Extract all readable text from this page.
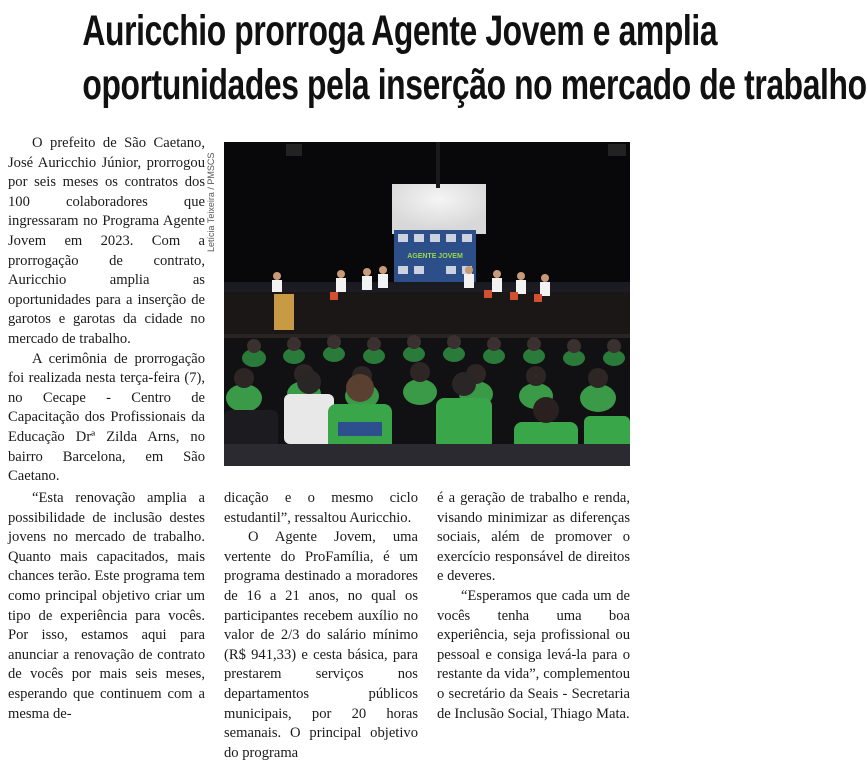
Auricchio prorroga Agente Jovem e amplia
oportunidades pela inserção no mercado de trabalho

O prefeito de São Caetano, José Auricchio Júnior, prorrogou por seis meses os contratos dos 100 colaboradores que ingressaram no Programa Agente Jovem em 2023. Com a prorrogação de contrato, Auricchio amplia as oportunidades para a inserção de garotos e garotas da cidade no mercado de trabalho.

A cerimônia de prorrogação foi realizada nesta terça-feira (7), no Cecape - Centro de Capacitação dos Profissionais da Educação Drª Zilda Arns, no bairro Barcelona, em São Caetano.

“Esta renovação amplia a possibilidade de inclusão destes jovens no mercado de trabalho. Quanto mais capacitados, mais chances terão. Este programa tem como principal objetivo criar um tipo de experiência para vocês. Por isso, estamos aqui para anunciar a renovação de contrato de vocês por mais seis meses, esperando que continuem com a mesma de-

dicação e o mesmo ciclo estudantil”, ressaltou Auricchio.

O Agente Jovem, uma vertente do ProFamília, é um programa destinado a moradores de 16 a 21 anos, no qual os participantes recebem auxílio no valor de 2/3 do salário mínimo (R$ 941,33) e cesta básica, para prestarem serviços nos departamentos públicos municipais, por 20 horas semanais. O principal objetivo do programa

é a geração de trabalho e renda, visando minimizar as diferenças sociais, além de promover o exercício responsável de direitos e deveres.

“Esperamos que cada um de vocês tenha uma boa experiência, seja profissional ou pessoal e consiga levá-la para o restante da vida”, complementou o secretário da Seais - Secretaria de Inclusão Social, Thiago Mata.

Letícia Teixeira / PMSCS
AGENTE JOVEM
